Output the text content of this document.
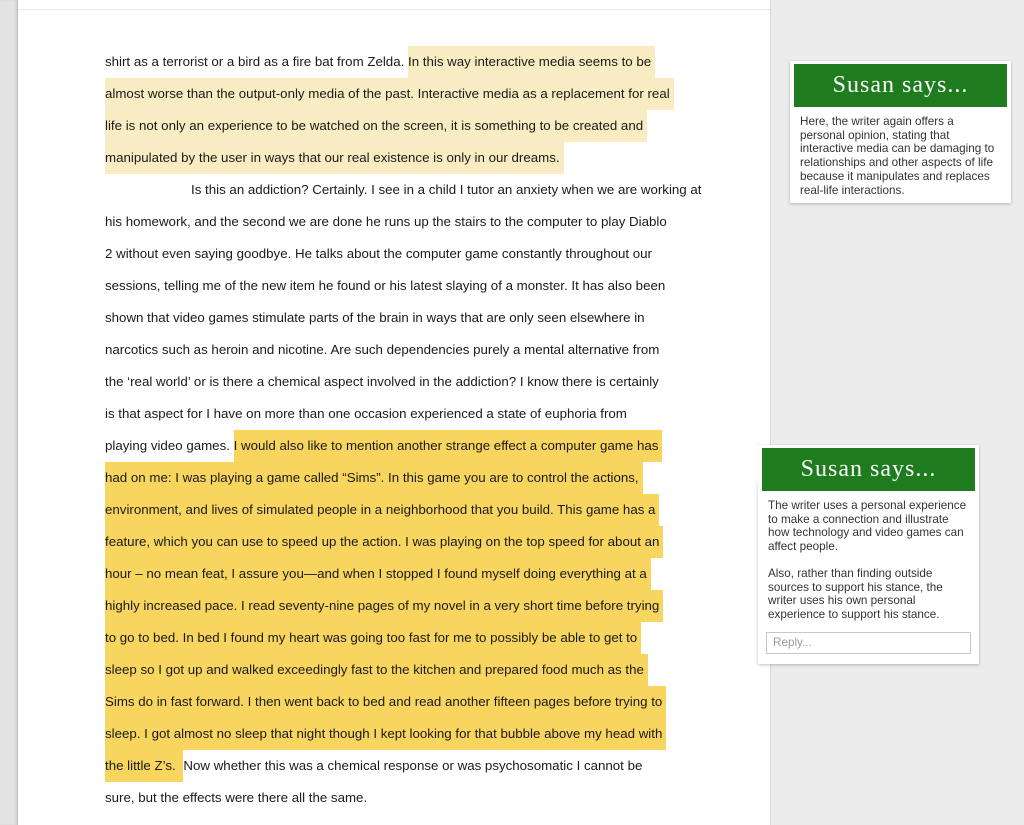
shirt as a terrorist or a bird as a fire bat from Zelda. In this way interactive media seems to be
almost worse than the output-only media of the past. Interactive media as a replacement for real
life is not only an experience to be watched on the screen, it is something to be created and
manipulated by the user in ways that our real existence is only in our dreams.
Is this an addiction? Certainly. I see in a child I tutor an anxiety when we are working at
his homework, and the second we are done he runs up the stairs to the computer to play Diablo
2 without even saying goodbye. He talks about the computer game constantly throughout our
sessions, telling me of the new item he found or his latest slaying of a monster. It has also been
shown that video games stimulate parts of the brain in ways that are only seen elsewhere in
narcotics such as heroin and nicotine. Are such dependencies purely a mental alternative from
the ‘real world’ or is there a chemical aspect involved in the addiction? I know there is certainly
is that aspect for I have on more than one occasion experienced a state of euphoria from
playing video games. I would also like to mention another strange effect a computer game has
had on me: I was playing a game called “Sims”. In this game you are to control the actions,
environment, and lives of simulated people in a neighborhood that you build. This game has a
feature, which you can use to speed up the action. I was playing on the top speed for about an
hour – no mean feat, I assure you—and when I stopped I found myself doing everything at a
highly increased pace. I read seventy-nine pages of my novel in a very short time before trying
to go to bed. In bed I found my heart was going too fast for me to possibly be able to get to
sleep so I got up and walked exceedingly fast to the kitchen and prepared food much as the
Sims do in fast forward. I then went back to bed and read another fifteen pages before trying to
sleep. I got almost no sleep that night though I kept looking for that bubble above my head with
the little Z’s. Now whether this was a chemical response or was psychosomatic I cannot be
sure, but the effects were there all the same.
Susan says...

Here, the writer again offers a personal opinion, stating that interactive media can be damaging to relationships and other aspects of life because it manipulates and replaces real-life interactions.

Susan says...

The writer uses a personal experience to make a connection and illustrate how technology and video games can affect people.

Also, rather than finding outside sources to support his stance, the writer uses his own personal experience to support his stance.

Reply...
